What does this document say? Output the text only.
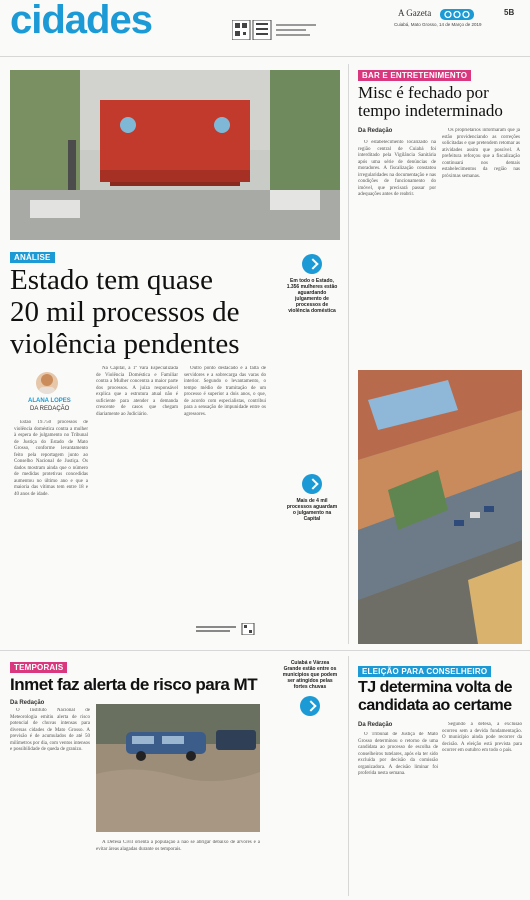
cidades	A Gazeta	5B
Cuiabá, Mato Grosso, 14 de Março de 2019
ANÁLISE
Estado tem quase
20 mil processos de
violência pendentes
ALANA LOPES
DA REDAÇÃO

Estão 19.750 processos de violência doméstica contra a mulher à espera de julgamento no Tribunal de Justiça do Estado de Mato Grosso, conforme levantamento feito pela reportagem junto ao Conselho Nacional de Justiça. Os dados mostram ainda que o número de medidas protetivas concedidas aumentou no último ano e que a maioria das vítimas tem entre 18 e 40 anos de idade.

Na Capital, a 1ª Vara Especializada de Violência Doméstica e Familiar contra a Mulher concentra a maior parte dos processos. A juíza responsável explica que a estrutura atual não é suficiente para atender a demanda crescente de casos que chegam diariamente ao Judiciário.

Outro ponto destacado é a falta de servidores e a sobrecarga das varas do interior. Segundo o levantamento, o tempo médio de tramitação de um processo é superior a dois anos, o que, de acordo com especialistas, contribui para a sensação de impunidade entre os agressores.

Em todo o Estado, 1.356 mulheres estão aguardando julgamento de processos de violência doméstica
Mais de 4 mil processos aguardam o julgamento na Capital
BAR E ENTRETENIMENTO
Misc é fechado por
tempo indeterminado
Da Redação

O estabelecimento localizado na região central de Cuiabá foi interditado pela Vigilância Sanitária após uma série de denúncias de moradores. A fiscalização constatou irregularidades na documentação e nas condições de funcionamento do imóvel, que precisará passar por adequações antes de reabrir.

Os proprietários informaram que já estão providenciando as correções solicitadas e que pretendem retomar as atividades assim que possível. A prefeitura reforçou que a fiscalização continuará nos demais estabelecimentos da região nas próximas semanas.

TEMPORAIS
Inmet faz alerta de risco para MT
Da Redação

O Instituto Nacional de Meteorologia emitiu alerta de risco potencial de chuvas intensas para diversas cidades de Mato Grosso. A previsão é de acumulados de até 50 milímetros por dia, com ventos intensos e possibilidade de queda de granizo.

A Defesa Civil orienta a população a não se abrigar debaixo de árvores e a evitar áreas alagadas durante os temporais.

Cuiabá e Várzea Grande estão entre os municípios que podem ser atingidos pelas fortes chuvas
ELEIÇÃO PARA CONSELHEIRO
TJ determina volta de
candidata ao certame
Da Redação

O Tribunal de Justiça de Mato Grosso determinou o retorno de uma candidata ao processo de escolha de conselheiros tutelares, após ela ter sido excluída por decisão da comissão organizadora. A decisão liminar foi proferida nesta semana.

Segundo a defesa, a exclusão ocorreu sem a devida fundamentação. O município ainda pode recorrer da decisão. A eleição está prevista para ocorrer em outubro em todo o país.
